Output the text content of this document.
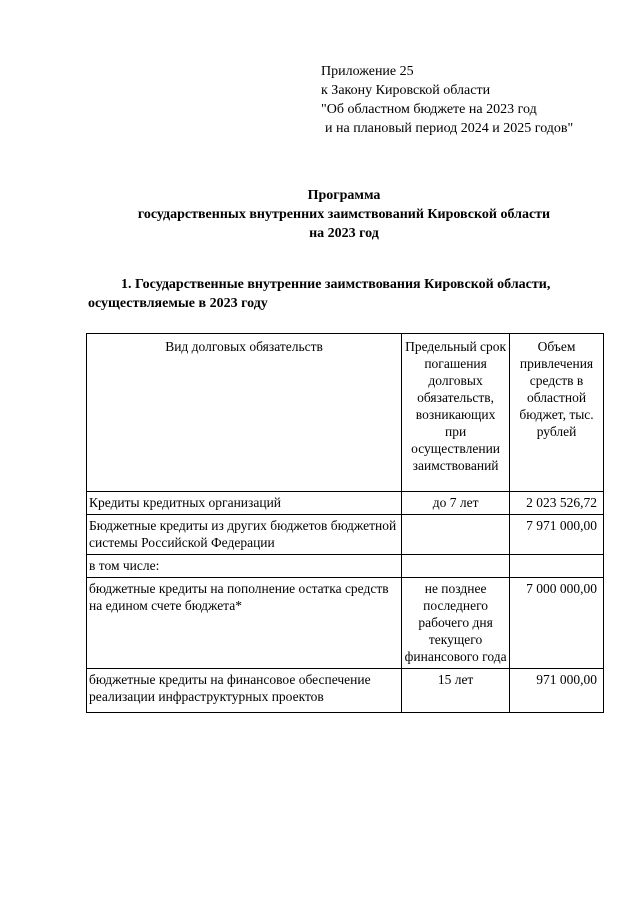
Приложение 25
к Закону Кировской области
"Об областном бюджете на 2023 год
и на плановый период 2024 и 2025 годов"
Программа
государственных внутренних заимствований Кировской области
на 2023 год
1. Государственные внутренние заимствования Кировской области,
осуществляемые в 2023 году
Вид долговых обязательств	Предельный срок погашения долговых обязательств, возникающих при осуществлении заимствований	Объем привлечения средств в областной бюджет, тыс. рублей
Кредиты кредитных организаций	до 7 лет	2 023 526,72
Бюджетные кредиты из других бюджетов бюджетной системы Российской Федерации		7 971 000,00
в том числе:		
бюджетные кредиты на пополнение остатка средств на едином счете бюджета*	не позднее последнего рабочего дня текущего финансового года	7 000 000,00
бюджетные кредиты на финансовое обеспечение реализации инфраструктурных проектов	15 лет	971 000,00
